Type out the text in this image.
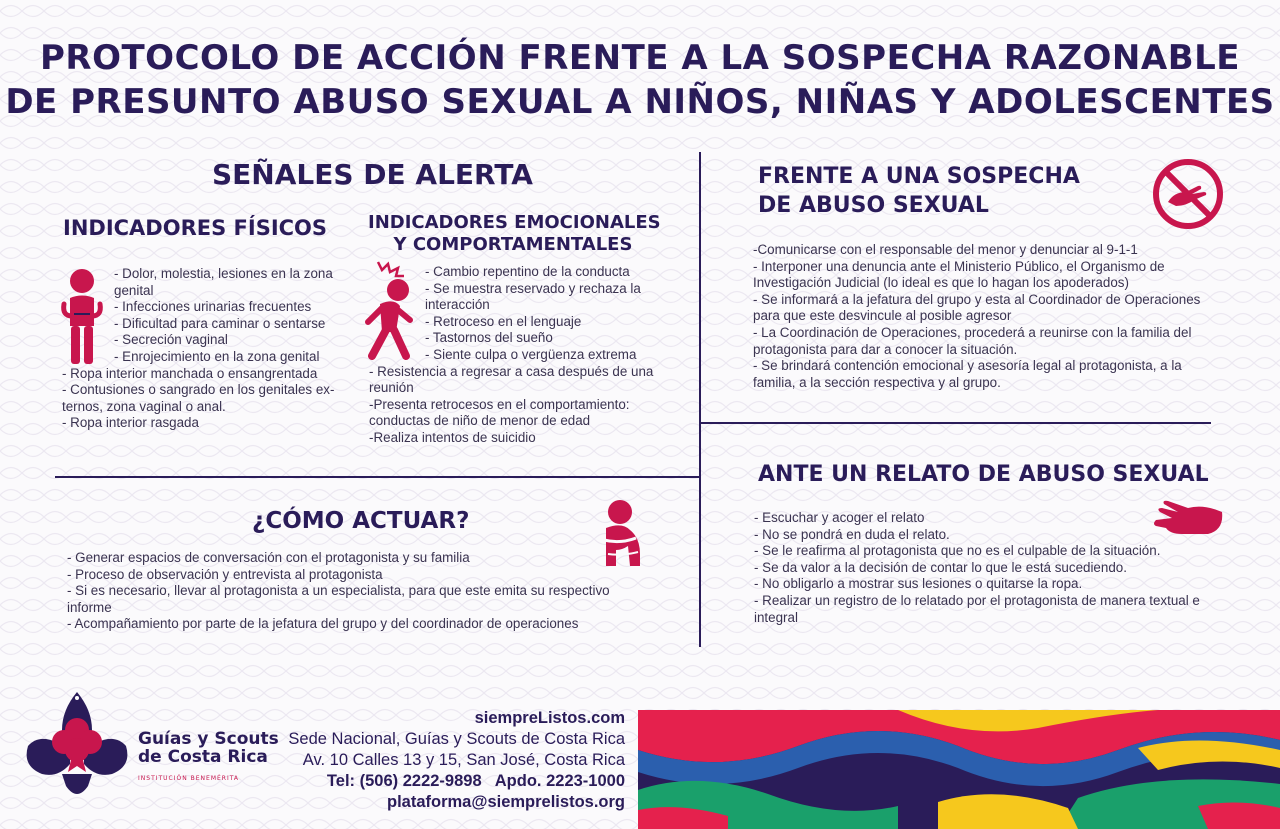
PROTOCOLO DE ACCIÓN FRENTE A LA SOSPECHA RAZONABLE
DE PRESUNTO ABUSO SEXUAL A NIÑOS, NIÑAS Y ADOLESCENTES
SEÑALES DE ALERTA
INDICADORES FÍSICOS
- Dolor, molestia, lesiones en la zona
genital
- Infecciones urinarias frecuentes
- Dificultad para caminar o sentarse
- Secreción vaginal
- Enrojecimiento en la zona genital
- Ropa interior manchada o ensangrentada
- Contusiones o sangrado en los genitales ex-
ternos, zona vaginal o anal.
- Ropa interior rasgada
INDICADORES EMOCIONALES
Y COMPORTAMENTALES
- Cambio repentino de la conducta
- Se muestra reservado y rechaza la
interacción
- Retroceso en el lenguaje
- Tastornos del sueño
- Siente culpa o vergüenza extrema
- Resistencia a regresar a casa después de una
reunión
-Presenta retrocesos en el comportamiento:
conductas de niño de menor de edad
-Realiza intentos de suicidio
¿CÓMO ACTUAR?
- Generar espacios de conversación con el protagonista y su familia
- Proceso de observación y entrevista al protagonista
- Si es necesario, llevar al protagonista a un especialista, para que este emita su respectivo
informe
- Acompañamiento por parte de la jefatura del grupo y del coordinador de operaciones
FRENTE A UNA SOSPECHA
DE ABUSO SEXUAL
-Comunicarse con el responsable del menor y denunciar al 9-1-1
- Interponer una denuncia ante el Ministerio Público, el Organismo de
Investigación Judicial (lo ideal es que lo hagan los apoderados)
- Se informará a la jefatura del grupo y esta al Coordinador de Operaciones
para que este desvincule al posible agresor
- La Coordinación de Operaciones, procederá a reunirse con la familia del
protagonista para dar a conocer la situación.
- Se brindará contención emocional y asesoría legal al protagonista, a la
familia, a la sección respectiva y al grupo.
ANTE UN RELATO DE ABUSO SEXUAL
- Escuchar y acoger el relato
- No se pondrá en duda el relato.
- Se le reafirma al protagonista que no es el culpable de la situación.
- Se da valor a la decisión de contar lo que le está sucediendo.
- No obligarlo a mostrar sus lesiones o quitarse la ropa.
- Realizar un registro de lo relatado por el protagonista de manera textual e
integral
Guías y Scouts
de Costa Rica
INSTITUCIÓN BENEMÉRITA
siempreListos.com
Sede Nacional, Guías y Scouts de Costa Rica
Av. 10 Calles 13 y 15, San José, Costa Rica
Tel: (506) 2222-9898   Apdo. 2223-1000
plataforma@siemprelistos.org
